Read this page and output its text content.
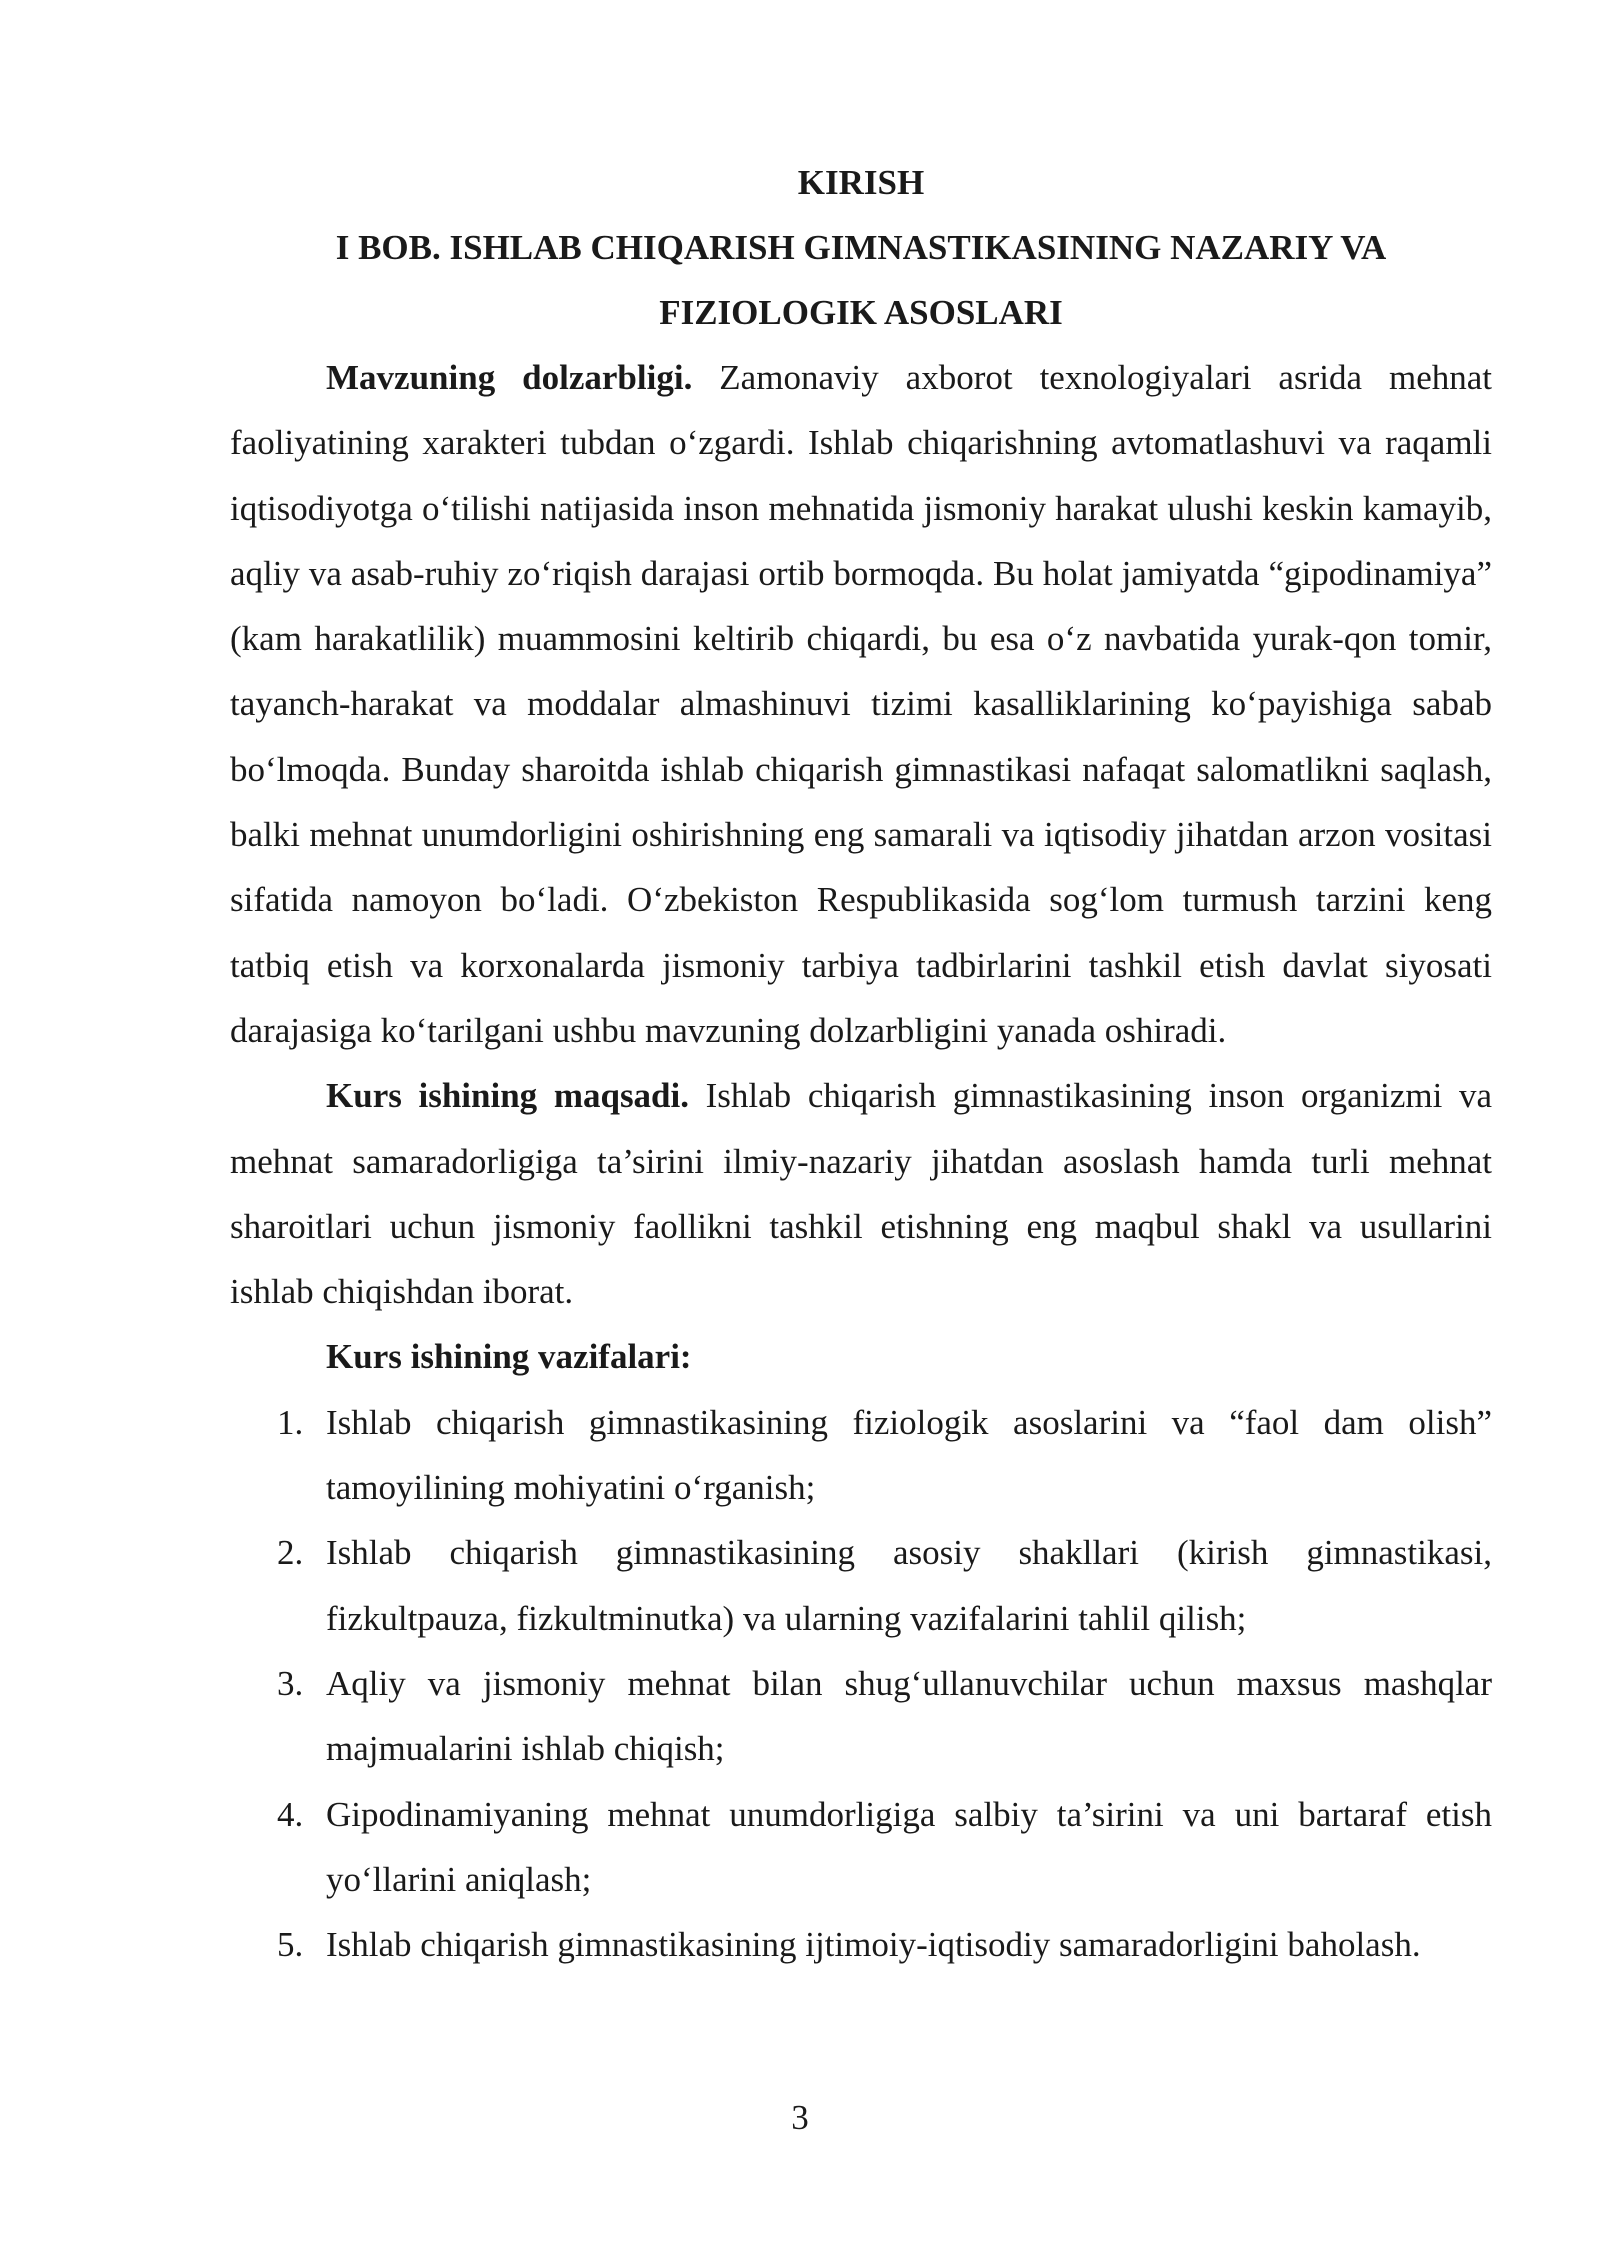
KIRISH
I BOB. ISHLAB CHIQARISH GIMNASTIKASINING NAZARIY VA
FIZIOLOGIK ASOSLARI

Mavzuning dolzarbligi. Zamonaviy axborot texnologiyalari asrida mehnat faoliyatining xarakteri tubdan o‘zgardi. Ishlab chiqarishning avtomatlashuvi va raqamli iqtisodiyotga o‘tilishi natijasida inson mehnatida jismoniy harakat ulushi keskin kamayib, aqliy va asab-ruhiy zo‘riqish darajasi ortib bormoqda. Bu holat jamiyatda “gipodinamiya” (kam harakatlilik) muammosini keltirib chiqardi, bu esa o‘z navbatida yurak-qon tomir, tayanch-harakat va moddalar almashinuvi tizimi kasalliklarining ko‘payishiga sabab bo‘lmoqda. Bunday sharoitda ishlab chiqarish gimnastikasi nafaqat salomatlikni saqlash, balki mehnat unumdorligini oshirishning eng samarali va iqtisodiy jihatdan arzon vositasi sifatida namoyon bo‘ladi. O‘zbekiston Respublikasida sog‘lom turmush tarzini keng tatbiq etish va korxonalarda jismoniy tarbiya tadbirlarini tashkil etish davlat siyosati darajasiga ko‘tarilgani ushbu mavzuning dolzarbligini yanada oshiradi.

Kurs ishining maqsadi. Ishlab chiqarish gimnastikasining inson organizmi va mehnat samaradorligiga ta’sirini ilmiy-nazariy jihatdan asoslash hamda turli mehnat sharoitlari uchun jismoniy faollikni tashkil etishning eng maqbul shakl va usullarini ishlab chiqishdan iborat.

Kurs ishining vazifalari:

1. Ishlab chiqarish gimnastikasining fiziologik asoslarini va “faol dam olish” tamoyilining mohiyatini o‘rganish;
2. Ishlab chiqarish gimnastikasining asosiy shakllari (kirish gimnastikasi, fizkultpauza, fizkultminutka) va ularning vazifalarini tahlil qilish;
3. Aqliy va jismoniy mehnat bilan shug‘ullanuvchilar uchun maxsus mashqlar majmualarini ishlab chiqish;
4. Gipodinamiyaning mehnat unumdorligiga salbiy ta’sirini va uni bartaraf etish yo‘llarini aniqlash;
5. Ishlab chiqarish gimnastikasining ijtimoiy-iqtisodiy samaradorligini baholash.
3
